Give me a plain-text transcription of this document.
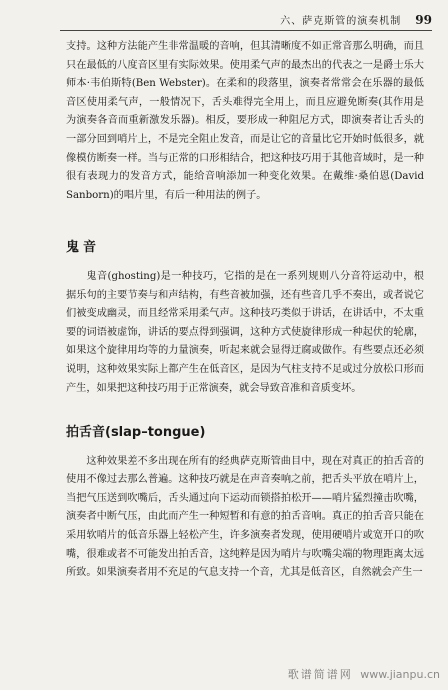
六、萨克斯管的演奏机制 99

支持。这种方法能产生非常温暖的音响，但其清晰度不如正常音那么明确，而且只在最低的八度音区里有实际效果。使用柔气声的最杰出的代表之一是爵士乐大师本·韦伯斯特(Ben Webster)。在柔和的段落里，演奏者常常会在乐器的最低音区使用柔气声，一般情况下，舌头难得完全用上，而且应避免断奏(其作用是为演奏各音而重新激发乐器)。相反，要形成一种阻尼方式，即演奏者让舌头的一部分回到哨片上，不是完全阻止发音，而是让它的音量比它开始时低很多，就像模仿断奏一样。当与正常的口形相结合，把这种技巧用于其他音域时，是一种很有表现力的发音方式，能给音响添加一种变化效果。在戴维·桑伯恩(David Sanborn)的唱片里，有后一种用法的例子。

鬼音

鬼音(ghosting)是一种技巧，它指的是在一系列规则八分音符运动中，根据乐句的主要节奏与和声结构，有些音被加强，还有些音几乎不奏出，或者说它们被变成幽灵，而且经常采用柔气声。这种技巧类似于讲话，在讲话中，不太重要的词语被虚饰，讲话的要点得到强调，这种方式使旋律形成一种起伏的轮廓，如果这个旋律用均等的力量演奏，听起来就会显得迂腐或做作。有些要点还必须说明，这种效果实际上都产生在低音区，是因为气柱支持不足或过分放松口形而产生，如果把这种技巧用于正常演奏，就会导致音准和音质变坏。

拍舌音(slap–tongue)

这种效果差不多出现在所有的经典萨克斯管曲目中，现在对真正的拍舌音的使用不像过去那么普遍。这种技巧就是在声音奏响之前，把舌头平放在哨片上，当把气压送到吹嘴后，舌头通过向下运动而锁搭拍松开——哨片猛烈撞击吹嘴，演奏者中断气压，由此而产生一种短暂和有意的拍舌音响。真正的拍舌音只能在采用软哨片的低音乐器上轻松产生，许多演奏者发现，使用硬哨片或宽开口的吹嘴，很难或者不可能发出拍舌音，这纯粹是因为哨片与吹嘴尖端的物理距离太远所致。如果演奏者用不充足的气息支持一个音，尤其是低音区，自然就会产生一

歌谱简谱网 www.jianpu.cn
